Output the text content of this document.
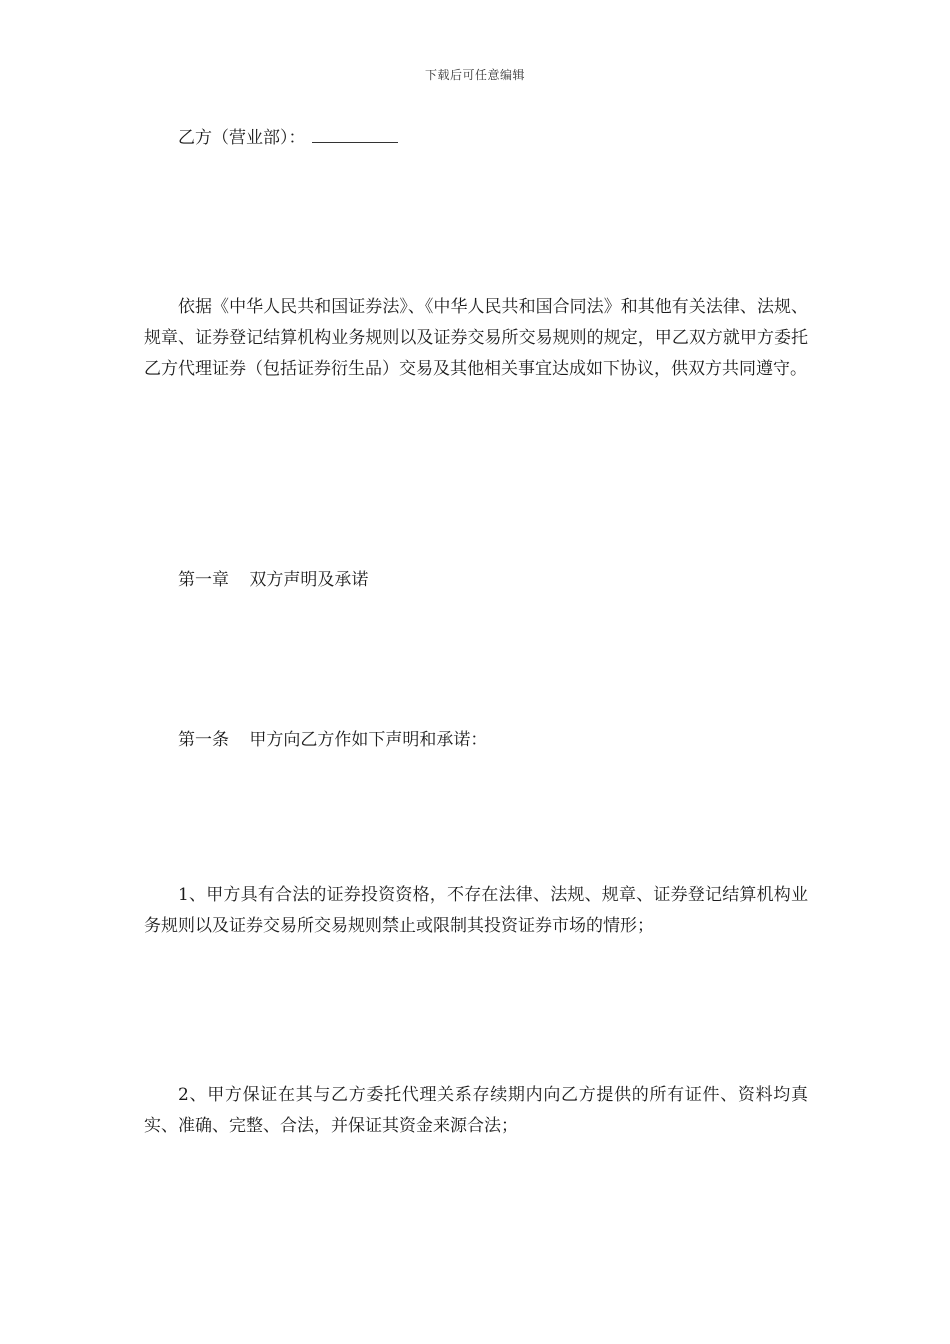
下载后可任意编辑

乙方（营业部）：

依据《中华人民共和国证券法》、《中华人民共和国合同法》和其他有关法律、法规、规章、证券登记结算机构业务规则以及证券交易所交易规则的规定，甲乙双方就甲方委托乙方代理证券（包括证券衍生品）交易及其他相关事宜达成如下协议，供双方共同遵守。

第一章 双方声明及承诺

第一条 甲方向乙方作如下声明和承诺：

1、甲方具有合法的证券投资资格，不存在法律、法规、规章、证券登记结算机构业务规则以及证券交易所交易规则禁止或限制其投资证券市场的情形；

2、甲方保证在其与乙方委托代理关系存续期内向乙方提供的所有证件、资料均真实、准确、完整、合法，并保证其资金来源合法；
